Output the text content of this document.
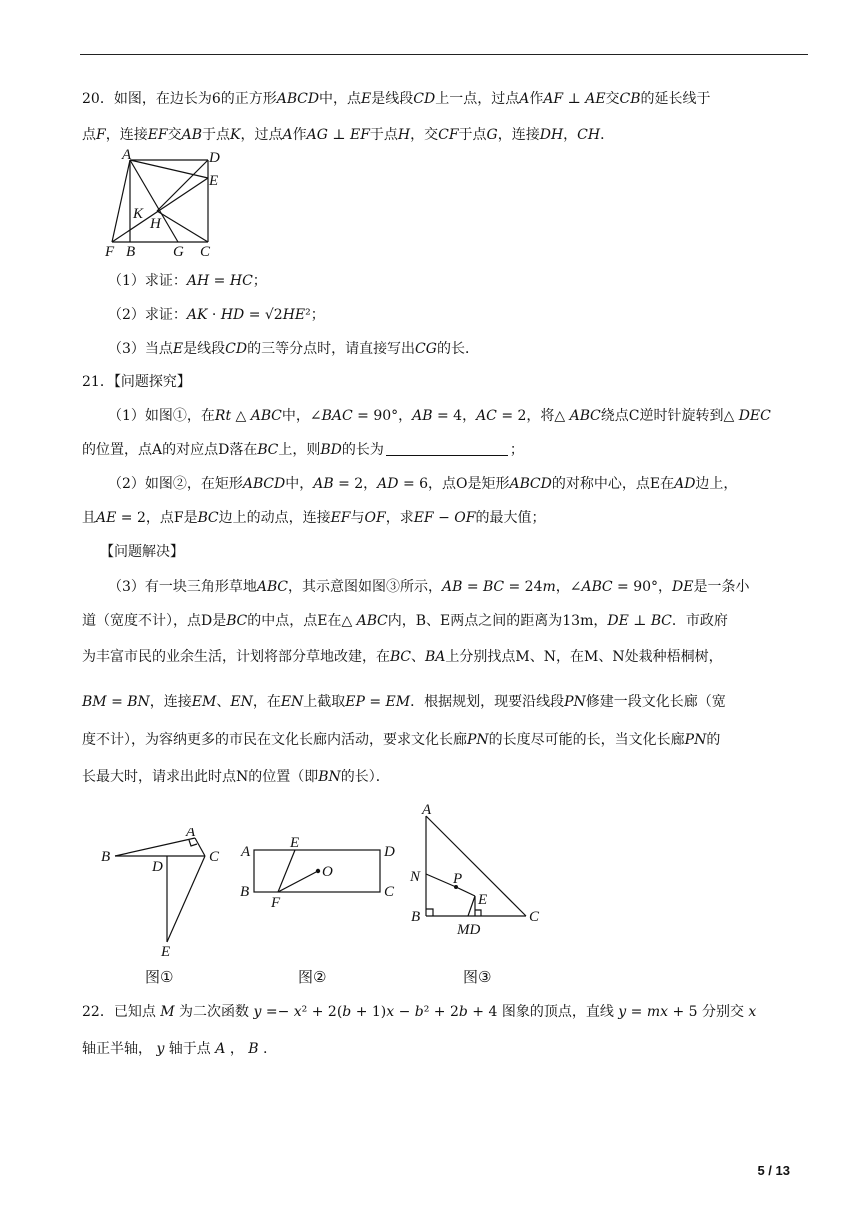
20．如图，在边长为6的正方形𝐴𝐵𝐶𝐷中，点𝐸是线段𝐶𝐷上一点，过点𝐴作𝐴𝐹 ⊥ 𝐴𝐸交𝐶𝐵的延长线于
点𝐹，连接𝐸𝐹交𝐴𝐵于点𝐾，过点𝐴作𝐴𝐺 ⊥ 𝐸𝐹于点𝐻，交𝐶𝐹于点𝐺，连接𝐷𝐻，𝐶𝐻．
A	D
E
K
H
F B	G C
（1）求证：𝐴𝐻 = 𝐻𝐶；
（2）求证：𝐴𝐾 · 𝐻𝐷 = √2𝐻𝐸²；
（3）当点𝐸是线段𝐶𝐷的三等分点时，请直接写出𝐶𝐺的长．
21．【问题探究】
（1）如图①，在𝑅𝑡 △ 𝐴𝐵𝐶中，∠𝐵𝐴𝐶 = 90°，𝐴𝐵 = 4，𝐴𝐶 = 2，将△ 𝐴𝐵𝐶绕点C逆时针旋转到△ 𝐷𝐸𝐶
的位置，点A的对应点D落在𝐵𝐶上，则𝐵𝐷的长为	；
（2）如图②，在矩形𝐴𝐵𝐶𝐷中，𝐴𝐵 = 2，𝐴𝐷 = 6，点O是矩形𝐴𝐵𝐶𝐷的对称中心，点E在𝐴𝐷边上，
且𝐴𝐸 = 2，点F是𝐵𝐶边上的动点，连接𝐸𝐹与𝑂𝐹，求𝐸𝐹 − 𝑂𝐹的最大值；
【问题解决】
（3）有一块三角形草地𝐴𝐵𝐶，其示意图如图③所示，𝐴𝐵 = 𝐵𝐶 = 24𝑚，∠𝐴𝐵𝐶 = 90°，𝐷𝐸是一条小
道（宽度不计），点D是𝐵𝐶的中点，点E在△ 𝐴𝐵𝐶内，B、E两点之间的距离为13m，𝐷𝐸 ⊥ 𝐵𝐶．市政府
为丰富市民的业余生活，计划将部分草地改建，在𝐵𝐶、𝐵𝐴上分别找点M、N，在M、N处栽种梧桐树，
𝐵𝑀 = 𝐵𝑁，连接𝐸𝑀、𝐸𝑁，在𝐸𝑁上截取𝐸𝑃 = 𝐸𝑀．根据规划，现要沿线段𝑃𝑁修建一段文化长廊（宽
度不计），为容纳更多的市民在文化长廊内活动，要求文化长廊𝑃𝑁的长度尽可能的长，当文化长廊𝑃𝑁的
长最大时，请求出此时点N的位置（即𝐵𝑁的长）．
A
B	C
D
E
A
E
D
O
B	C
F
A
N P
E
B	C
MD
图①	图②	图③
22．已知点 𝑀 为二次函数 𝑦 =− 𝑥² + 2(𝑏 + 1)𝑥 − 𝑏² + 2𝑏 + 4 图象的顶点，直线 𝑦 = 𝑚𝑥 + 5 分别交 𝑥
轴正半轴， 𝑦 轴于点 𝐴 ， 𝐵 .
5 / 13
